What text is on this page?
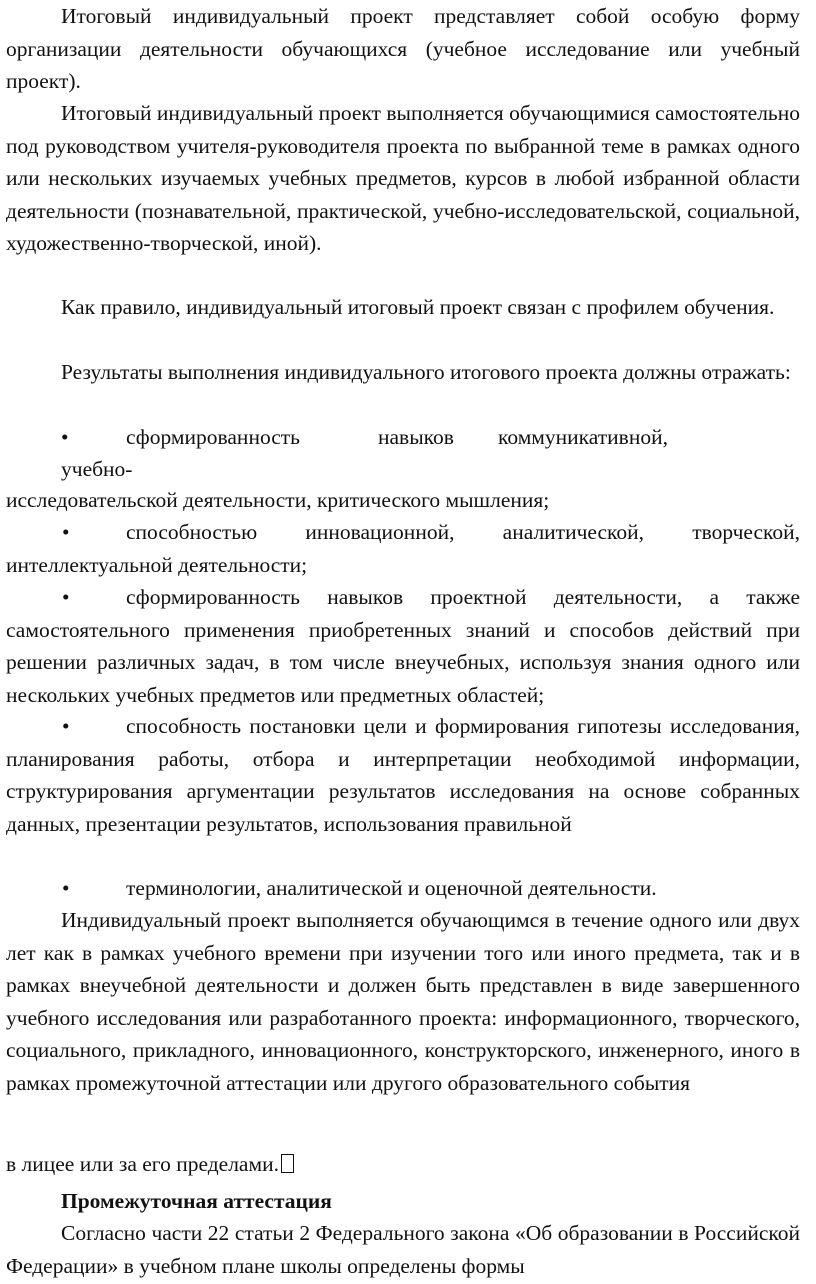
Итоговый индивидуальный проект представляет собой особую форму организации деятельности обучающихся (учебное исследование или учебный проект).

Итоговый индивидуальный проект выполняется обучающимися самостоятельно под руководством учителя-руководителя проекта по выбранной теме в рамках одного или нескольких изучаемых учебных предметов, курсов в любой избранной области деятельности (познавательной, практической, учебно-исследовательской, социальной, художественно-творческой, иной).

Как правило, индивидуальный итоговый проект связан с профилем обучения.

Результаты выполнения индивидуального итогового проекта должны отражать:

•	сформированность	навыков коммуникативной,
учебно-
исследовательской деятельности, критического мышления;

•	способностью инновационной, аналитической, творческой, интеллектуальной деятельности;

•	сформированность навыков проектной деятельности, а также самостоятельного применения приобретенных знаний и способов действий при решении различных задач, в том числе внеучебных, используя знания одного или нескольких учебных предметов или предметных областей;

•	способность постановки цели и формирования гипотезы исследования, планирования работы, отбора и интерпретации необходимой информации, структурирования аргументации результатов исследования на основе собранных данных, презентации результатов, использования правильной

•	терминологии, аналитической и оценочной деятельности.

Индивидуальный проект выполняется обучающимся в течение одного или двух лет как в рамках учебного времени при изучении того или иного предмета, так и в рамках внеучебной деятельности и должен быть представлен в виде завершенного учебного исследования или разработанного проекта: информационного, творческого, социального, прикладного, инновационного, конструкторского, инженерного, иного в рамках промежуточной аттестации или другого образовательного события

в лицее или за его пределами.

Промежуточная аттестация

Согласно части 22 статьи 2 Федерального закона «Об образовании в Российской Федерации» в учебном плане школы определены формы
